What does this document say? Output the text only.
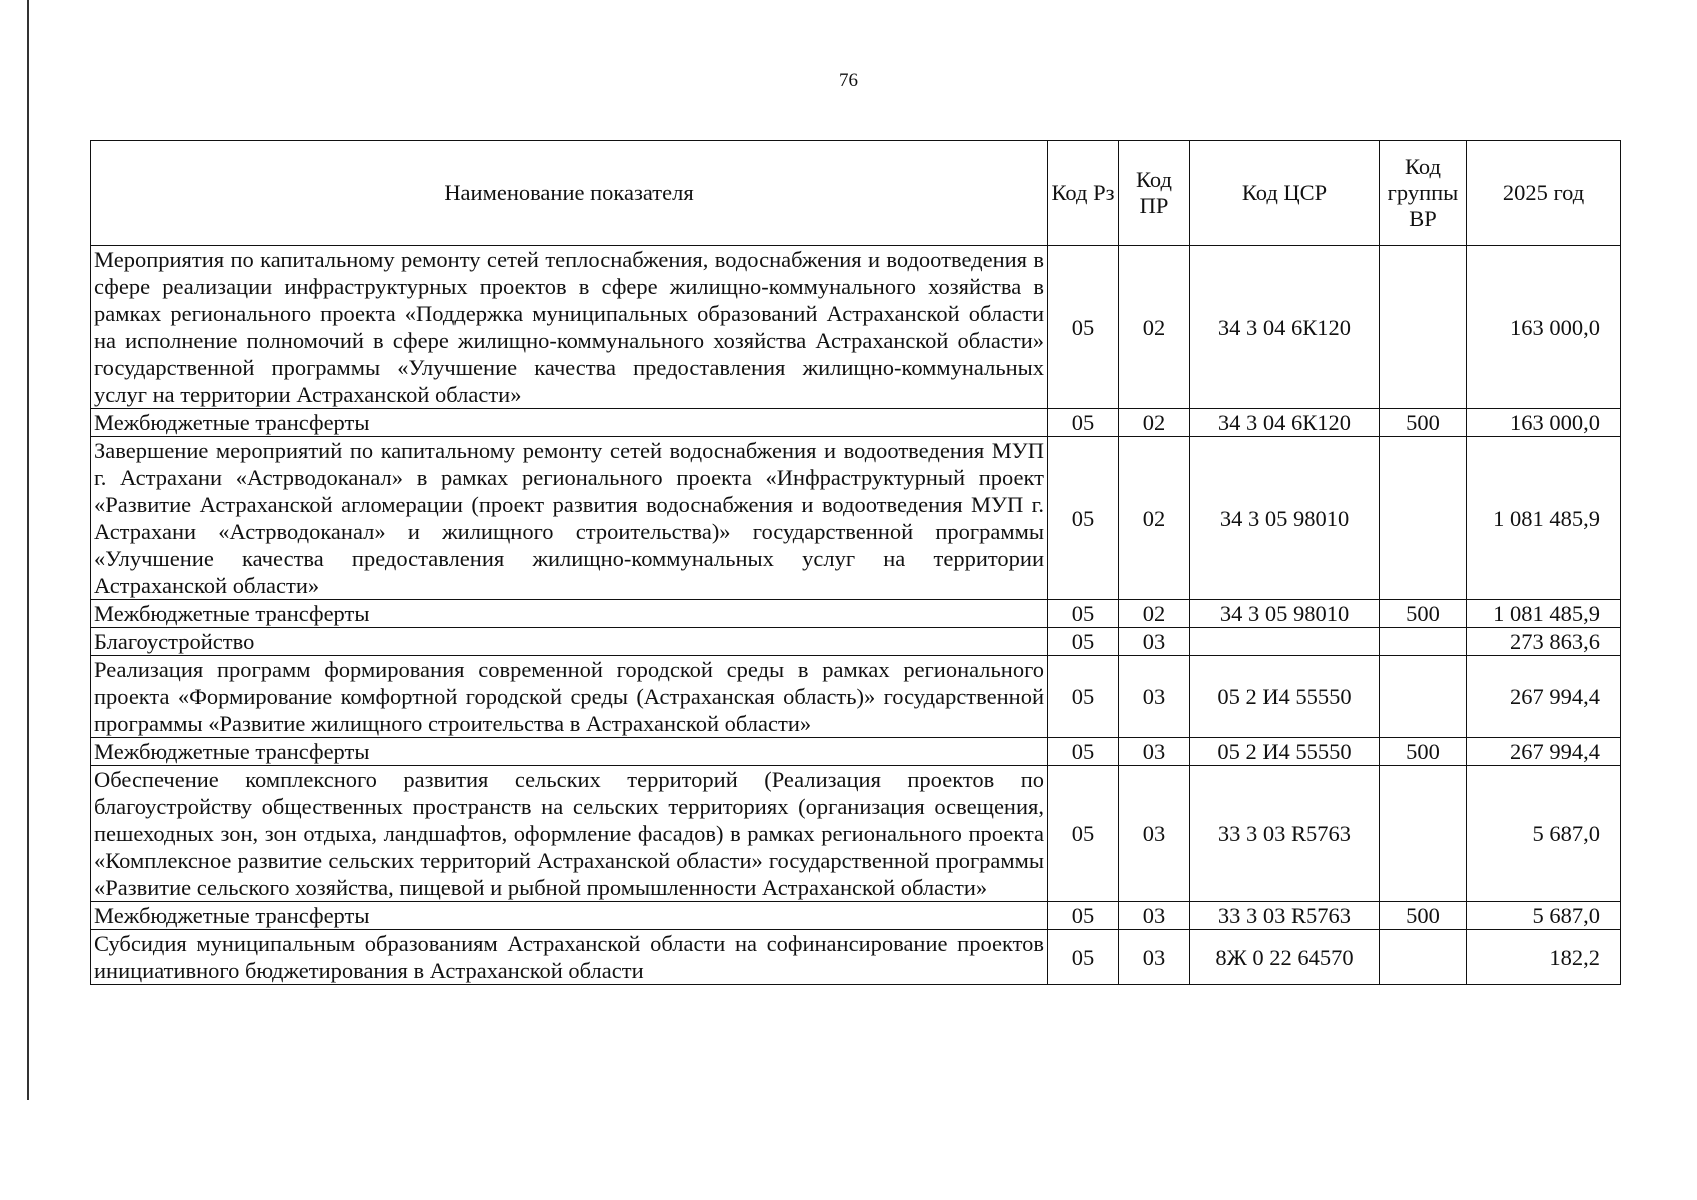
76
Наименование показателя	Код Рз	Код ПР	Код ЦСР	Код группы ВР	2025 год
Мероприятия по капитальному ремонту сетей теплоснабжения, водоснабжения и водоотведения в сфере реализации инфраструктурных проектов в сфере жилищно-коммунального хозяйства в рамках регионального проекта «Поддержка муниципальных образований Астраханской области на исполнение полномочий в сфере жилищно-коммунального хозяйства Астраханской области» государственной программы «Улучшение качества предоставления жилищно-коммунальных услуг на территории Астраханской области»	05	02	34 3 04 6К120		163 000,0
Межбюджетные трансферты	05	02	34 3 04 6К120	500	163 000,0
Завершение мероприятий по капитальному ремонту сетей водоснабжения и водоотведения МУП г. Астрахани «Астрводоканал» в рамках регионального проекта «Инфраструктурный проект «Развитие Астраханской агломерации (проект развития водоснабжения и водоотведения МУП г. Астрахани «Астрводоканал» и жилищного строительства)» государственной программы «Улучшение качества предоставления жилищно-коммунальных услуг на территории Астраханской области»	05	02	34 3 05 98010		1 081 485,9
Межбюджетные трансферты	05	02	34 3 05 98010	500	1 081 485,9
Благоустройство	05	03			273 863,6
Реализация программ формирования современной городской среды в рамках регионального проекта «Формирование комфортной городской среды (Астраханская область)» государственной программы «Развитие жилищного строительства в Астраханской области»	05	03	05 2 И4 55550		267 994,4
Межбюджетные трансферты	05	03	05 2 И4 55550	500	267 994,4
Обеспечение комплексного развития сельских территорий (Реализация проектов по благоустройству общественных пространств на сельских территориях (организация освещения, пешеходных зон, зон отдыха, ландшафтов, оформление фасадов) в рамках регионального проекта «Комплексное развитие сельских территорий Астраханской области» государственной программы «Развитие сельского хозяйства, пищевой и рыбной промышленности Астраханской области»	05	03	33 3 03 R5763		5 687,0
Межбюджетные трансферты	05	03	33 3 03 R5763	500	5 687,0
Субсидия муниципальным образованиям Астраханской области на софинансирование проектов инициативного бюджетирования в Астраханской области	05	03	8Ж 0 22 64570		182,2
